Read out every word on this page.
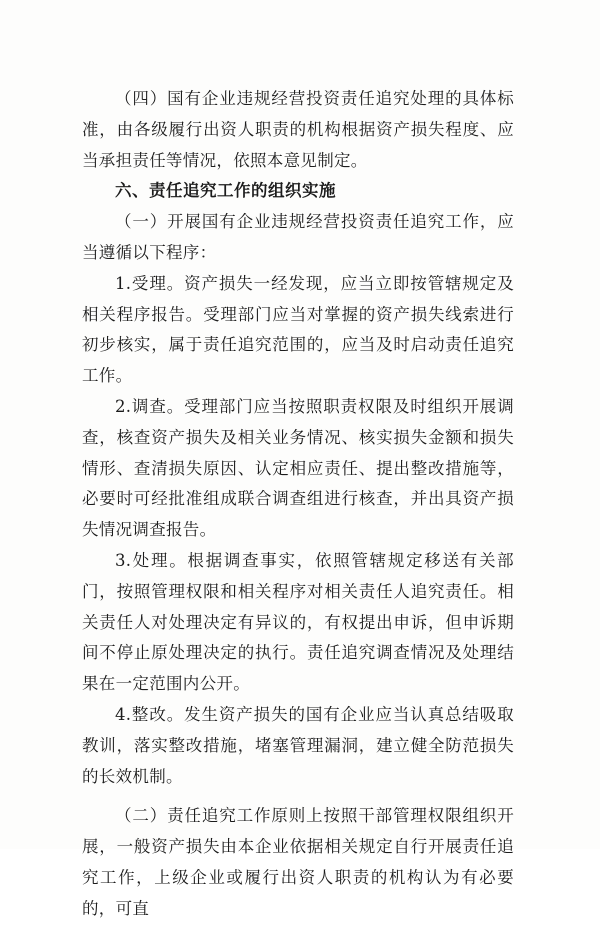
（四）国有企业违规经营投资责任追究处理的具体标准，由各级履行出资人职责的机构根据资产损失程度、应当承担责任等情况，依照本意见制定。

六、责任追究工作的组织实施

（一）开展国有企业违规经营投资责任追究工作，应当遵循以下程序：

1.受理。资产损失一经发现，应当立即按管辖规定及相关程序报告。受理部门应当对掌握的资产损失线索进行初步核实，属于责任追究范围的，应当及时启动责任追究工作。

2.调查。受理部门应当按照职责权限及时组织开展调查，核查资产损失及相关业务情况、核实损失金额和损失情形、查清损失原因、认定相应责任、提出整改措施等，必要时可经批准组成联合调查组进行核查，并出具资产损失情况调查报告。

3.处理。根据调查事实，依照管辖规定移送有关部门，按照管理权限和相关程序对相关责任人追究责任。相关责任人对处理决定有异议的，有权提出申诉，但申诉期间不停止原处理决定的执行。责任追究调查情况及处理结果在一定范围内公开。

4.整改。发生资产损失的国有企业应当认真总结吸取教训，落实整改措施，堵塞管理漏洞，建立健全防范损失的长效机制。

（二）责任追究工作原则上按照干部管理权限组织开展，一般资产损失由本企业依据相关规定自行开展责任追究工作，上级企业或履行出资人职责的机构认为有必要的，可直
